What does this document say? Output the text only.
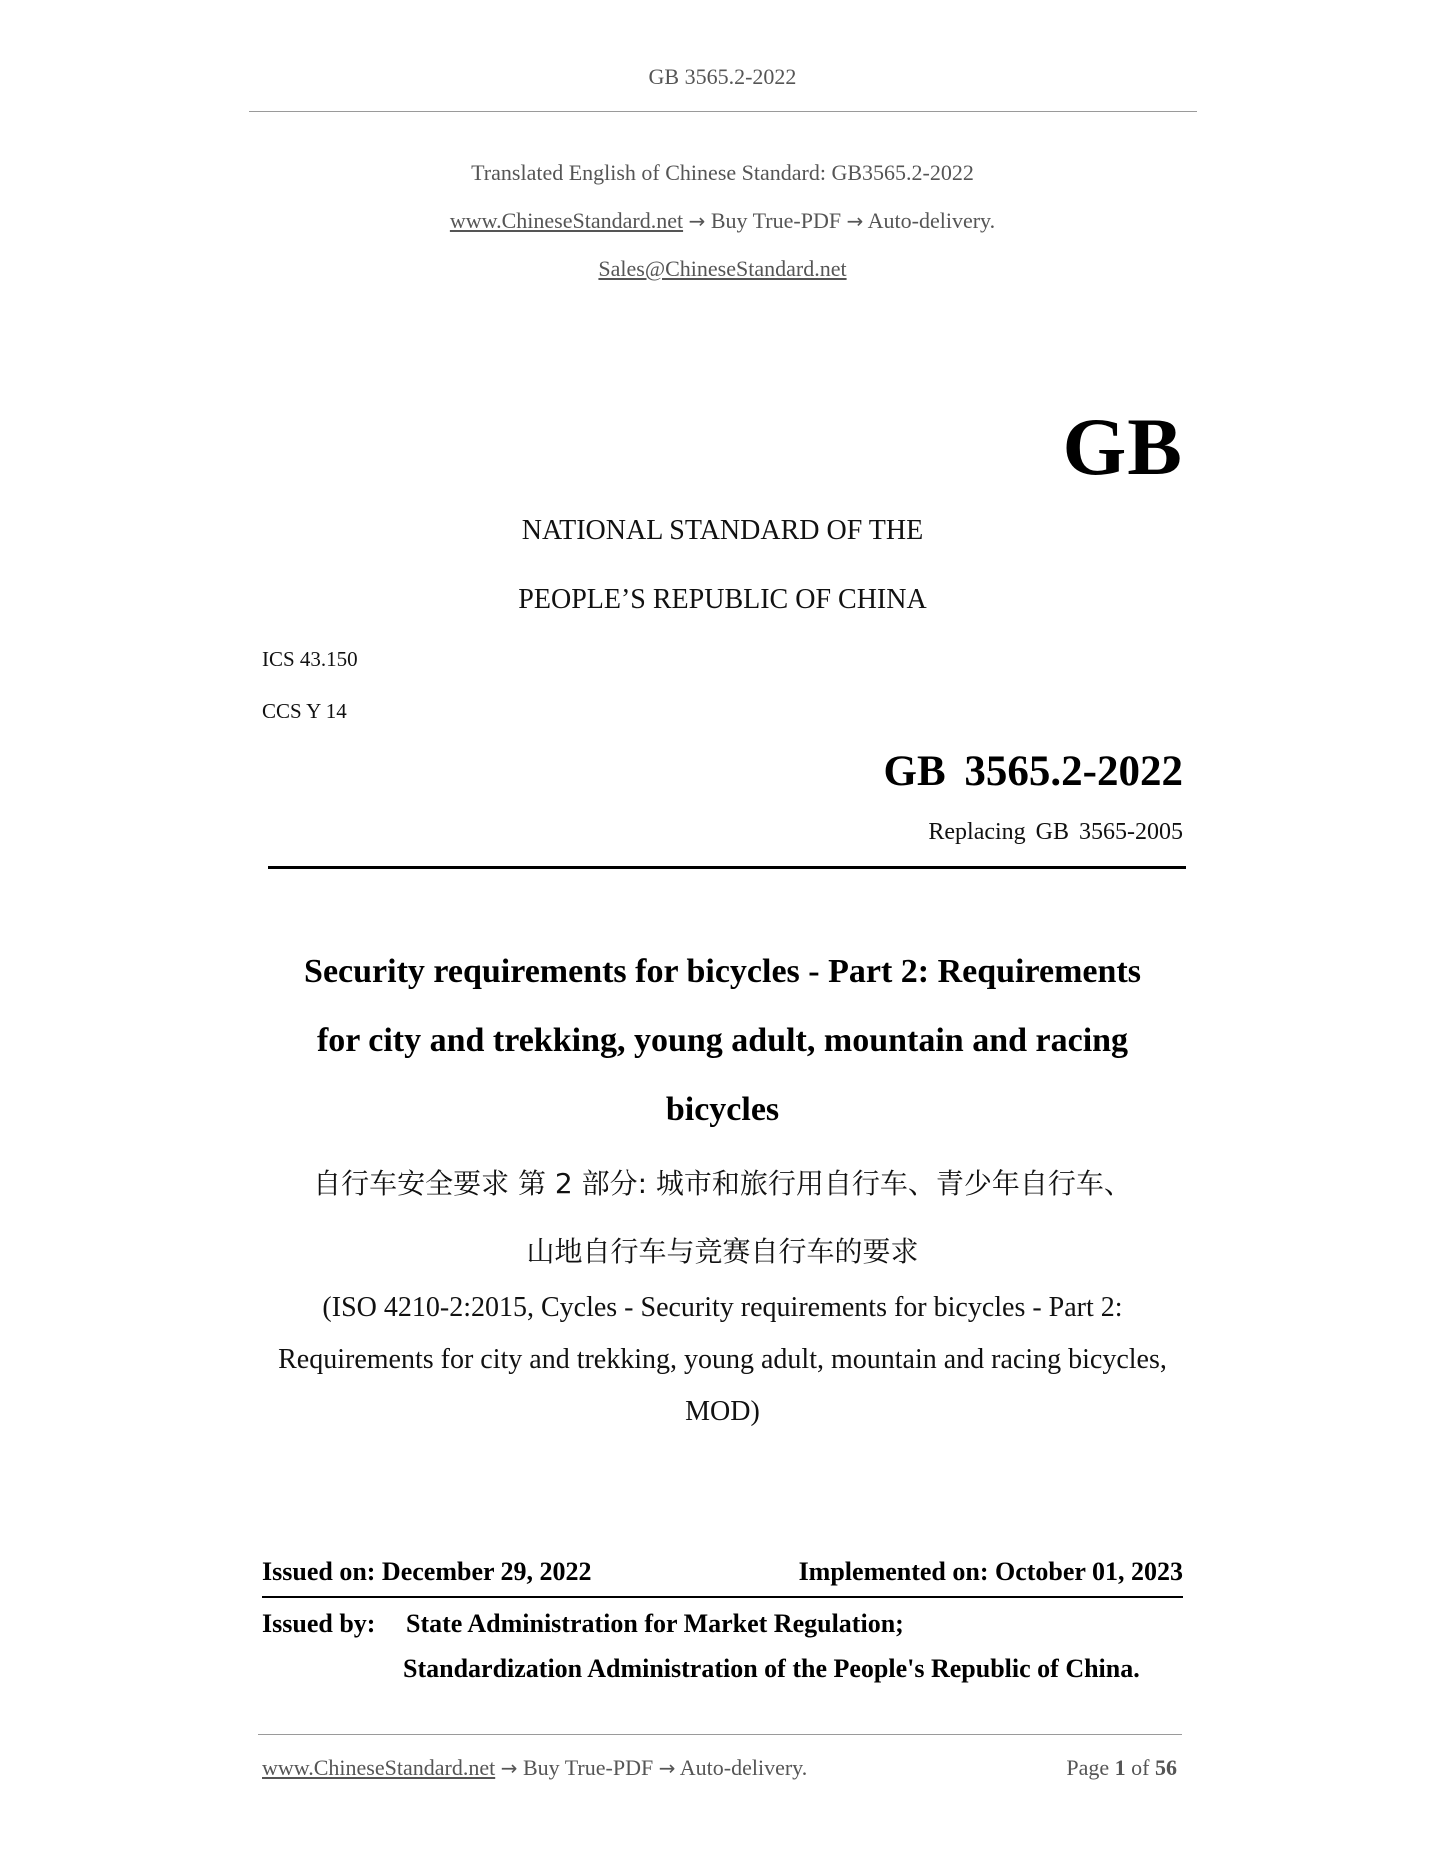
GB 3565.2-2022
Translated English of Chinese Standard: GB3565.2-2022
www.ChineseStandard.net → Buy True-PDF → Auto-delivery.
Sales@ChineseStandard.net
GB
NATIONAL STANDARD OF THE
PEOPLE’S REPUBLIC OF CHINA
ICS 43.150
CCS Y 14
GB 3565.2-2022
Replacing GB 3565-2005
Security requirements for bicycles - Part 2: Requirements
for city and trekking, young adult, mountain and racing
bicycles
自行车安全要求 第 2 部分: 城市和旅行用自行车、青少年自行车、
山地自行车与竞赛自行车的要求
(ISO 4210-2:2015, Cycles - Security requirements for bicycles - Part 2:
Requirements for city and trekking, young adult, mountain and racing bicycles,
MOD)
Issued on: December 29, 2022	Implemented on: October 01, 2023
Issued by: State Administration for Market Regulation;
Standardization Administration of the People's Republic of China.
www.ChineseStandard.net → Buy True-PDF → Auto-delivery.	Page 1 of 56
